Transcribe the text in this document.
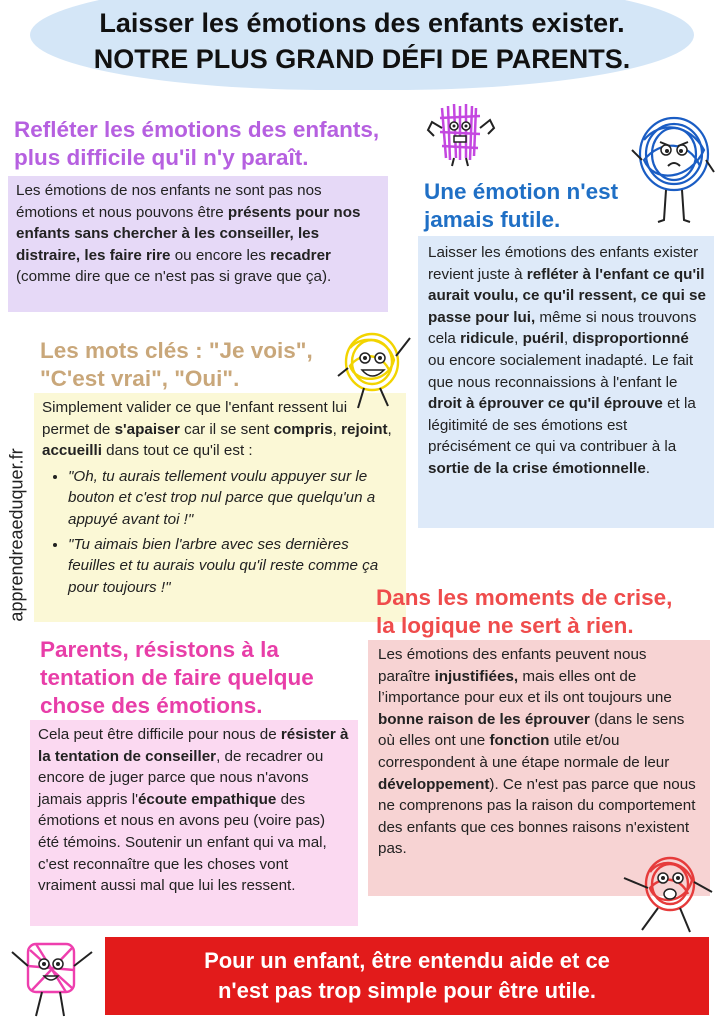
Laisser les émotions des enfants exister.
NOTRE PLUS GRAND DÉFI DE PARENTS.
apprendreaeduquer.fr
Refléter les émotions des enfants,
plus difficile qu'il n'y paraît.
Les émotions de nos enfants ne sont pas nos émotions et nous pouvons être présents pour nos enfants sans chercher à les conseiller, les distraire, les faire rire ou encore les recadrer (comme dire que ce n'est pas si grave que ça).
Une émotion n'est
jamais futile.
Laisser les émotions des enfants exister revient juste à refléter à l'enfant ce qu'il aurait voulu, ce qu'il ressent, ce qui se passe pour lui, même si nous trouvons cela ridicule, puéril, disproportionné ou encore socialement inadapté. Le fait que nous reconnaissions à l'enfant le droit à éprouver ce qu'il éprouve et la légitimité de ses émotions est précisément ce qui va contribuer à la sortie de la crise émotionnelle.
Les mots clés : "Je vois",
"C'est vrai", "Oui".
Simplement valider ce que l'enfant ressent lui permet de s'apaiser car il se sent compris, rejoint, accueilli dans tout ce qu'il est :
• "Oh, tu aurais tellement voulu appuyer sur le bouton et c'est trop nul parce que quelqu'un a appuyé avant toi !"
• "Tu aimais bien l'arbre avec ses dernières feuilles et tu aurais voulu qu'il reste comme ça pour toujours !"	Dans les moments de crise,
la logique ne sert à rien.
Les émotions des enfants peuvent nous paraître injustifiées, mais elles ont de l’importance pour eux et ils ont toujours une bonne raison de les éprouver (dans le sens où elles ont une fonction utile et/ou correspondent à une étape normale de leur développement). Ce n'est pas parce que nous ne comprenons pas la raison du comportement des enfants que ces bonnes raisons n'existent pas.
Parents, résistons à la
tentation de faire quelque
chose des émotions.
Cela peut être difficile pour nous de résister à la tentation de conseiller, de recadrer ou encore de juger parce que nous n'avons jamais appris l'écoute empathique des émotions et nous en avons peu (voire pas) été témoins. Soutenir un enfant qui va mal, c'est reconnaître que les choses vont vraiment aussi mal que lui les ressent.
Pour un enfant, être entendu aide et ce
n'est pas trop simple pour être utile.
